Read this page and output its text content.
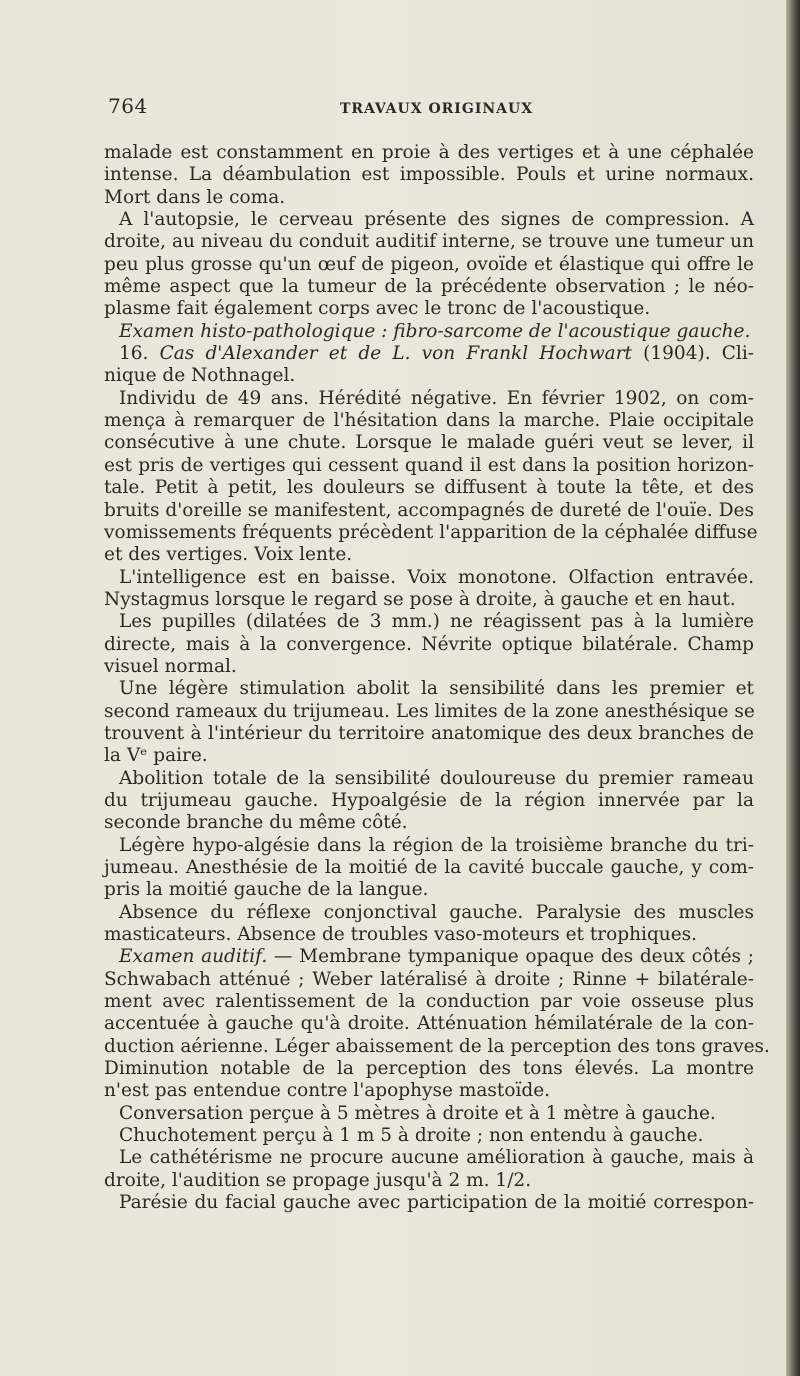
764	TRAVAUX ORIGINAUX
malade est constamment en proie à des vertiges et à une céphalée
intense. La déambulation est impossible. Pouls et urine normaux.
Mort dans le coma.
A l'autopsie, le cerveau présente des signes de compression. A
droite, au niveau du conduit auditif interne, se trouve une tumeur un
peu plus grosse qu'un œuf de pigeon, ovoïde et élastique qui offre le
même aspect que la tumeur de la précédente observation ; le néo-
plasme fait également corps avec le tronc de l'acoustique.
Examen histo-pathologique : fibro-sarcome de l'acoustique gauche.
16. Cas d'Alexander et de L. von Frankl Hochwart (1904). Cli-
nique de Nothnagel.
Individu de 49 ans. Hérédité négative. En février 1902, on com-
mença à remarquer de l'hésitation dans la marche. Plaie occipitale
consécutive à une chute. Lorsque le malade guéri veut se lever, il
est pris de vertiges qui cessent quand il est dans la position horizon-
tale. Petit à petit, les douleurs se diffusent à toute la tête, et des
bruits d'oreille se manifestent, accompagnés de dureté de l'ouïe. Des
vomissements fréquents précèdent l'apparition de la céphalée diffuse
et des vertiges. Voix lente.
L'intelligence est en baisse. Voix monotone. Olfaction entravée.
Nystagmus lorsque le regard se pose à droite, à gauche et en haut.
Les pupilles (dilatées de 3 mm.) ne réagissent pas à la lumière
directe, mais à la convergence. Névrite optique bilatérale. Champ
visuel normal.
Une légère stimulation abolit la sensibilité dans les premier et
second rameaux du trijumeau. Les limites de la zone anesthésique se
trouvent à l'intérieur du territoire anatomique des deux branches de
la Vᵉ paire.
Abolition totale de la sensibilité douloureuse du premier rameau
du trijumeau gauche. Hypoalgésie de la région innervée par la
seconde branche du même côté.
Légère hypo-algésie dans la région de la troisième branche du tri-
jumeau. Anesthésie de la moitié de la cavité buccale gauche, y com-
pris la moitié gauche de la langue.
Absence du réflexe conjonctival gauche. Paralysie des muscles
masticateurs. Absence de troubles vaso-moteurs et trophiques.
Examen auditif. — Membrane tympanique opaque des deux côtés ;
Schwabach atténué ; Weber latéralisé à droite ; Rinne + bilatérale-
ment avec ralentissement de la conduction par voie osseuse plus
accentuée à gauche qu'à droite. Atténuation hémilatérale de la con-
duction aérienne. Léger abaissement de la perception des tons graves.
Diminution notable de la perception des tons élevés. La montre
n'est pas entendue contre l'apophyse mastoïde.
Conversation perçue à 5 mètres à droite et à 1 mètre à gauche.
Chuchotement perçu à 1 m 5 à droite ; non entendu à gauche.
Le cathétérisme ne procure aucune amélioration à gauche, mais à
droite, l'audition se propage jusqu'à 2 m. 1/2.
Parésie du facial gauche avec participation de la moitié correspon-
